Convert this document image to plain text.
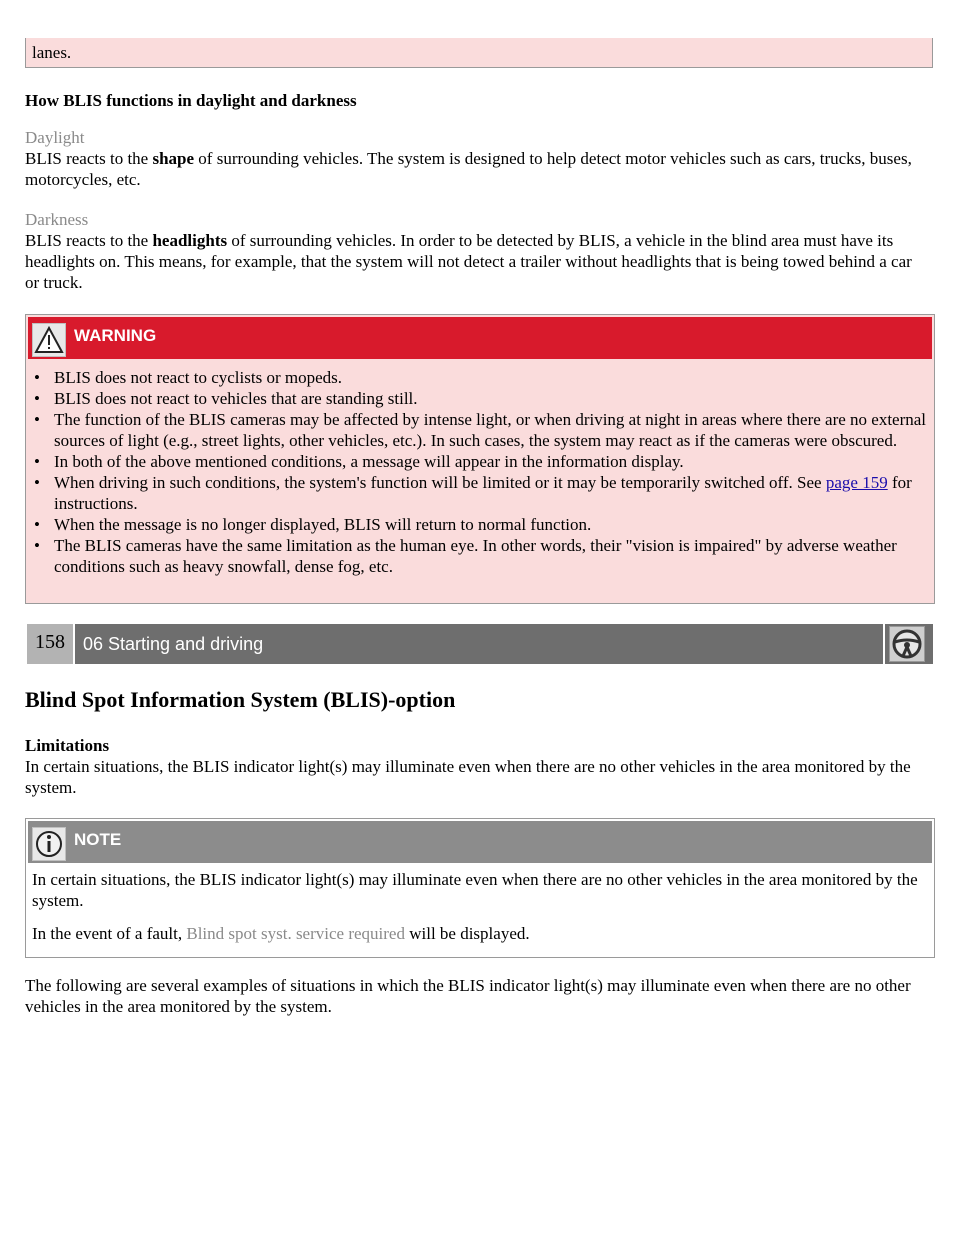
lanes.
How BLIS functions in daylight and darkness
Daylight
BLIS reacts to the shape of surrounding vehicles. The system is designed to help detect motor vehicles such as cars, trucks, buses, motorcycles, etc.
Darkness
BLIS reacts to the headlights of surrounding vehicles. In order to be detected by BLIS, a vehicle in the blind area must have its headlights on. This means, for example, that the system will not detect a trailer without headlights that is being towed behind a car or truck.
WARNING
• BLIS does not react to cyclists or mopeds.
• BLIS does not react to vehicles that are standing still.
• The function of the BLIS cameras may be affected by intense light, or when driving at night in areas where there are no external sources of light (e.g., street lights, other vehicles, etc.). In such cases, the system may react as if the cameras were obscured.
• In both of the above mentioned conditions, a message will appear in the information display.
• When driving in such conditions, the system's function will be limited or it may be temporarily switched off. See page 159 for instructions.
• When the message is no longer displayed, BLIS will return to normal function.
• The BLIS cameras have the same limitation as the human eye. In other words, their "vision is impaired" by adverse weather conditions such as heavy snowfall, dense fog, etc.
158	06 Starting and driving
Blind Spot Information System (BLIS)-option
Limitations
In certain situations, the BLIS indicator light(s) may illuminate even when there are no other vehicles in the area monitored by the system.
NOTE

In certain situations, the BLIS indicator light(s) may illuminate even when there are no other vehicles in the area monitored by the system.

In the event of a fault, Blind spot syst. service required will be displayed.

The following are several examples of situations in which the BLIS indicator light(s) may illuminate even when there are no other vehicles in the area monitored by the system.
